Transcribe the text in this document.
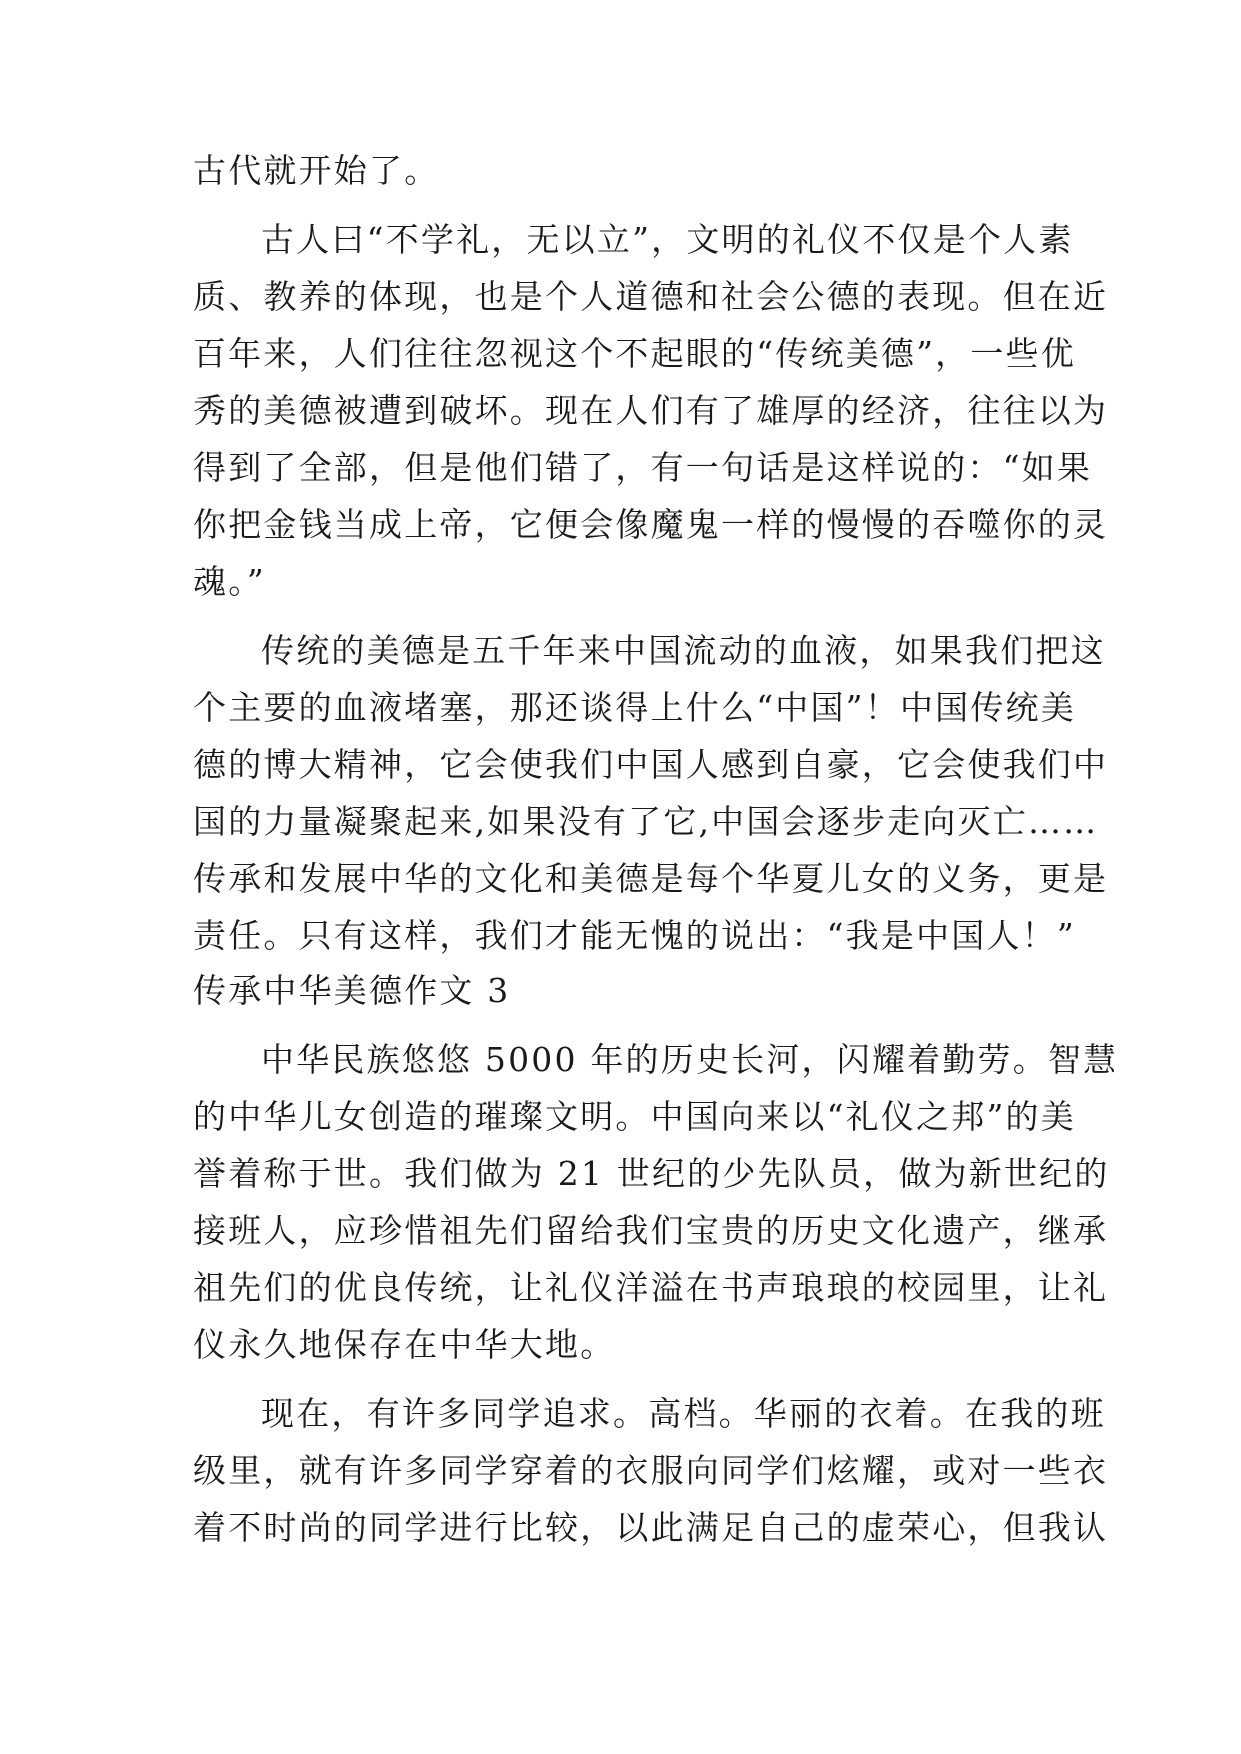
古代就开始了。
古人曰“不学礼，无以立”，文明的礼仪不仅是个人素
质、教养的体现，也是个人道德和社会公德的表现。但在近
百年来，人们往往忽视这个不起眼的“传统美德”，一些优
秀的美德被遭到破坏。现在人们有了雄厚的经济，往往以为
得到了全部，但是他们错了，有一句话是这样说的：“如果
你把金钱当成上帝，它便会像魔鬼一样的慢慢的吞噬你的灵
魂。”
传统的美德是五千年来中国流动的血液，如果我们把这
个主要的血液堵塞，那还谈得上什么“中国”！中国传统美
德的博大精神，它会使我们中国人感到自豪，它会使我们中
国的力量凝聚起来,如果没有了它,中国会逐步走向灭亡……
传承和发展中华的文化和美德是每个华夏儿女的义务，更是
责任。只有这样，我们才能无愧的说出：“我是中国人！”
传承中华美德作文 3
中华民族悠悠 5000 年的历史长河，闪耀着勤劳。智慧
的中华儿女创造的璀璨文明。中国向来以“礼仪之邦”的美
誉着称于世。我们做为 21 世纪的少先队员，做为新世纪的
接班人，应珍惜祖先们留给我们宝贵的历史文化遗产，继承
祖先们的优良传统，让礼仪洋溢在书声琅琅的校园里，让礼
仪永久地保存在中华大地。
现在，有许多同学追求。高档。华丽的衣着。在我的班
级里，就有许多同学穿着的衣服向同学们炫耀，或对一些衣
着不时尚的同学进行比较，以此满足自己的虚荣心，但我认
